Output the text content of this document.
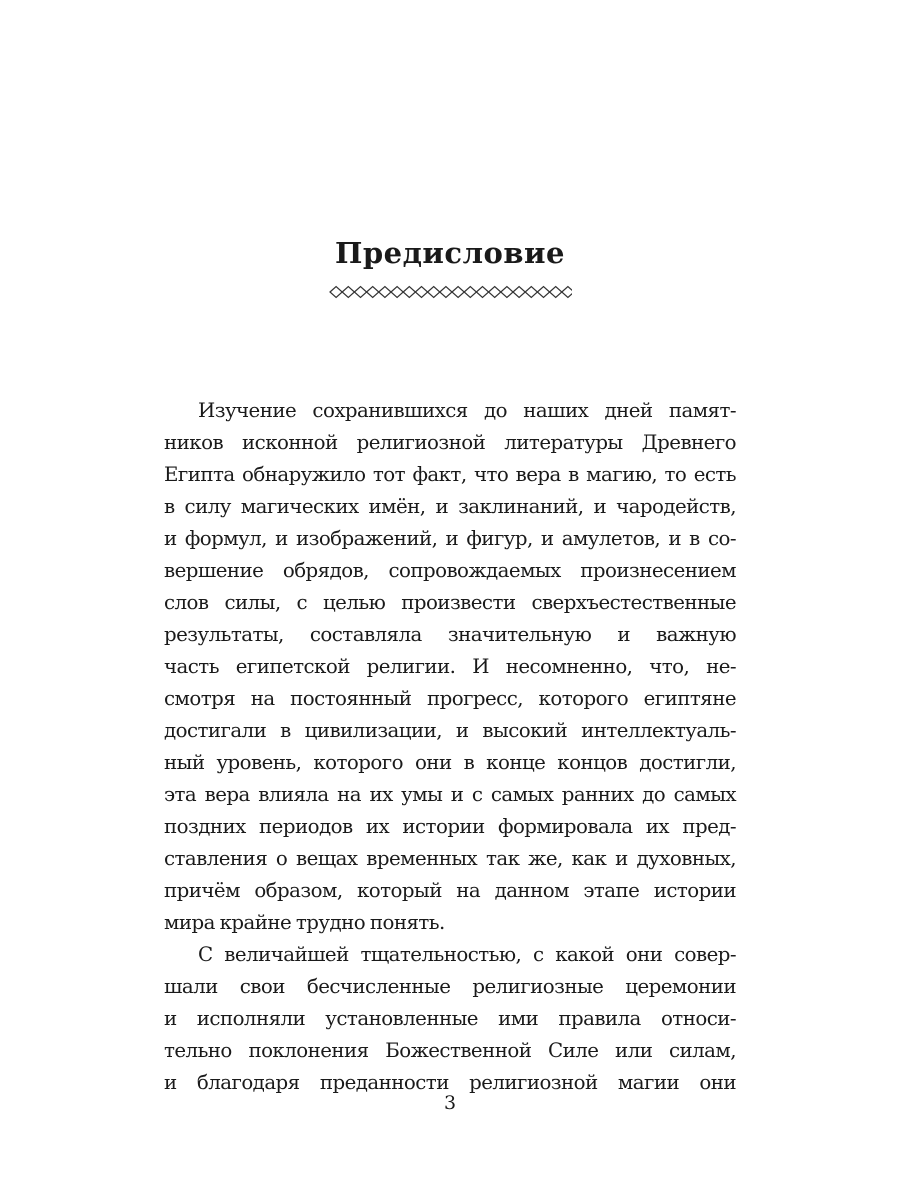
Предисловие

Изучение сохранившихся до наших дней памят-
ников исконной религиозной литературы Древнего
Египта обнаружило тот факт, что вера в магию, то есть
в силу магических имён, и заклинаний, и чародейств,
и формул, и изображений, и фигур, и амулетов, и в со-
вершение обрядов, сопровождаемых произнесением
слов силы, с целью произвести сверхъестественные
результаты, составляла значительную и важную
часть египетской религии. И несомненно, что, не-
смотря на постоянный прогресс, которого египтяне
достигали в цивилизации, и высокий интеллектуаль-
ный уровень, которого они в конце концов достигли,
эта вера влияла на их умы и с самых ранних до самых
поздних периодов их истории формировала их пред-
ставления о вещах временных так же, как и духовных,
причём образом, который на данном этапе истории
мира крайне трудно понять.

С величайшей тщательностью, с какой они совер-
шали свои бесчисленные религиозные церемонии
и исполняли установленные ими правила относи-
тельно поклонения Божественной Силе или силам,
и благодаря преданности религиозной магии они

3
